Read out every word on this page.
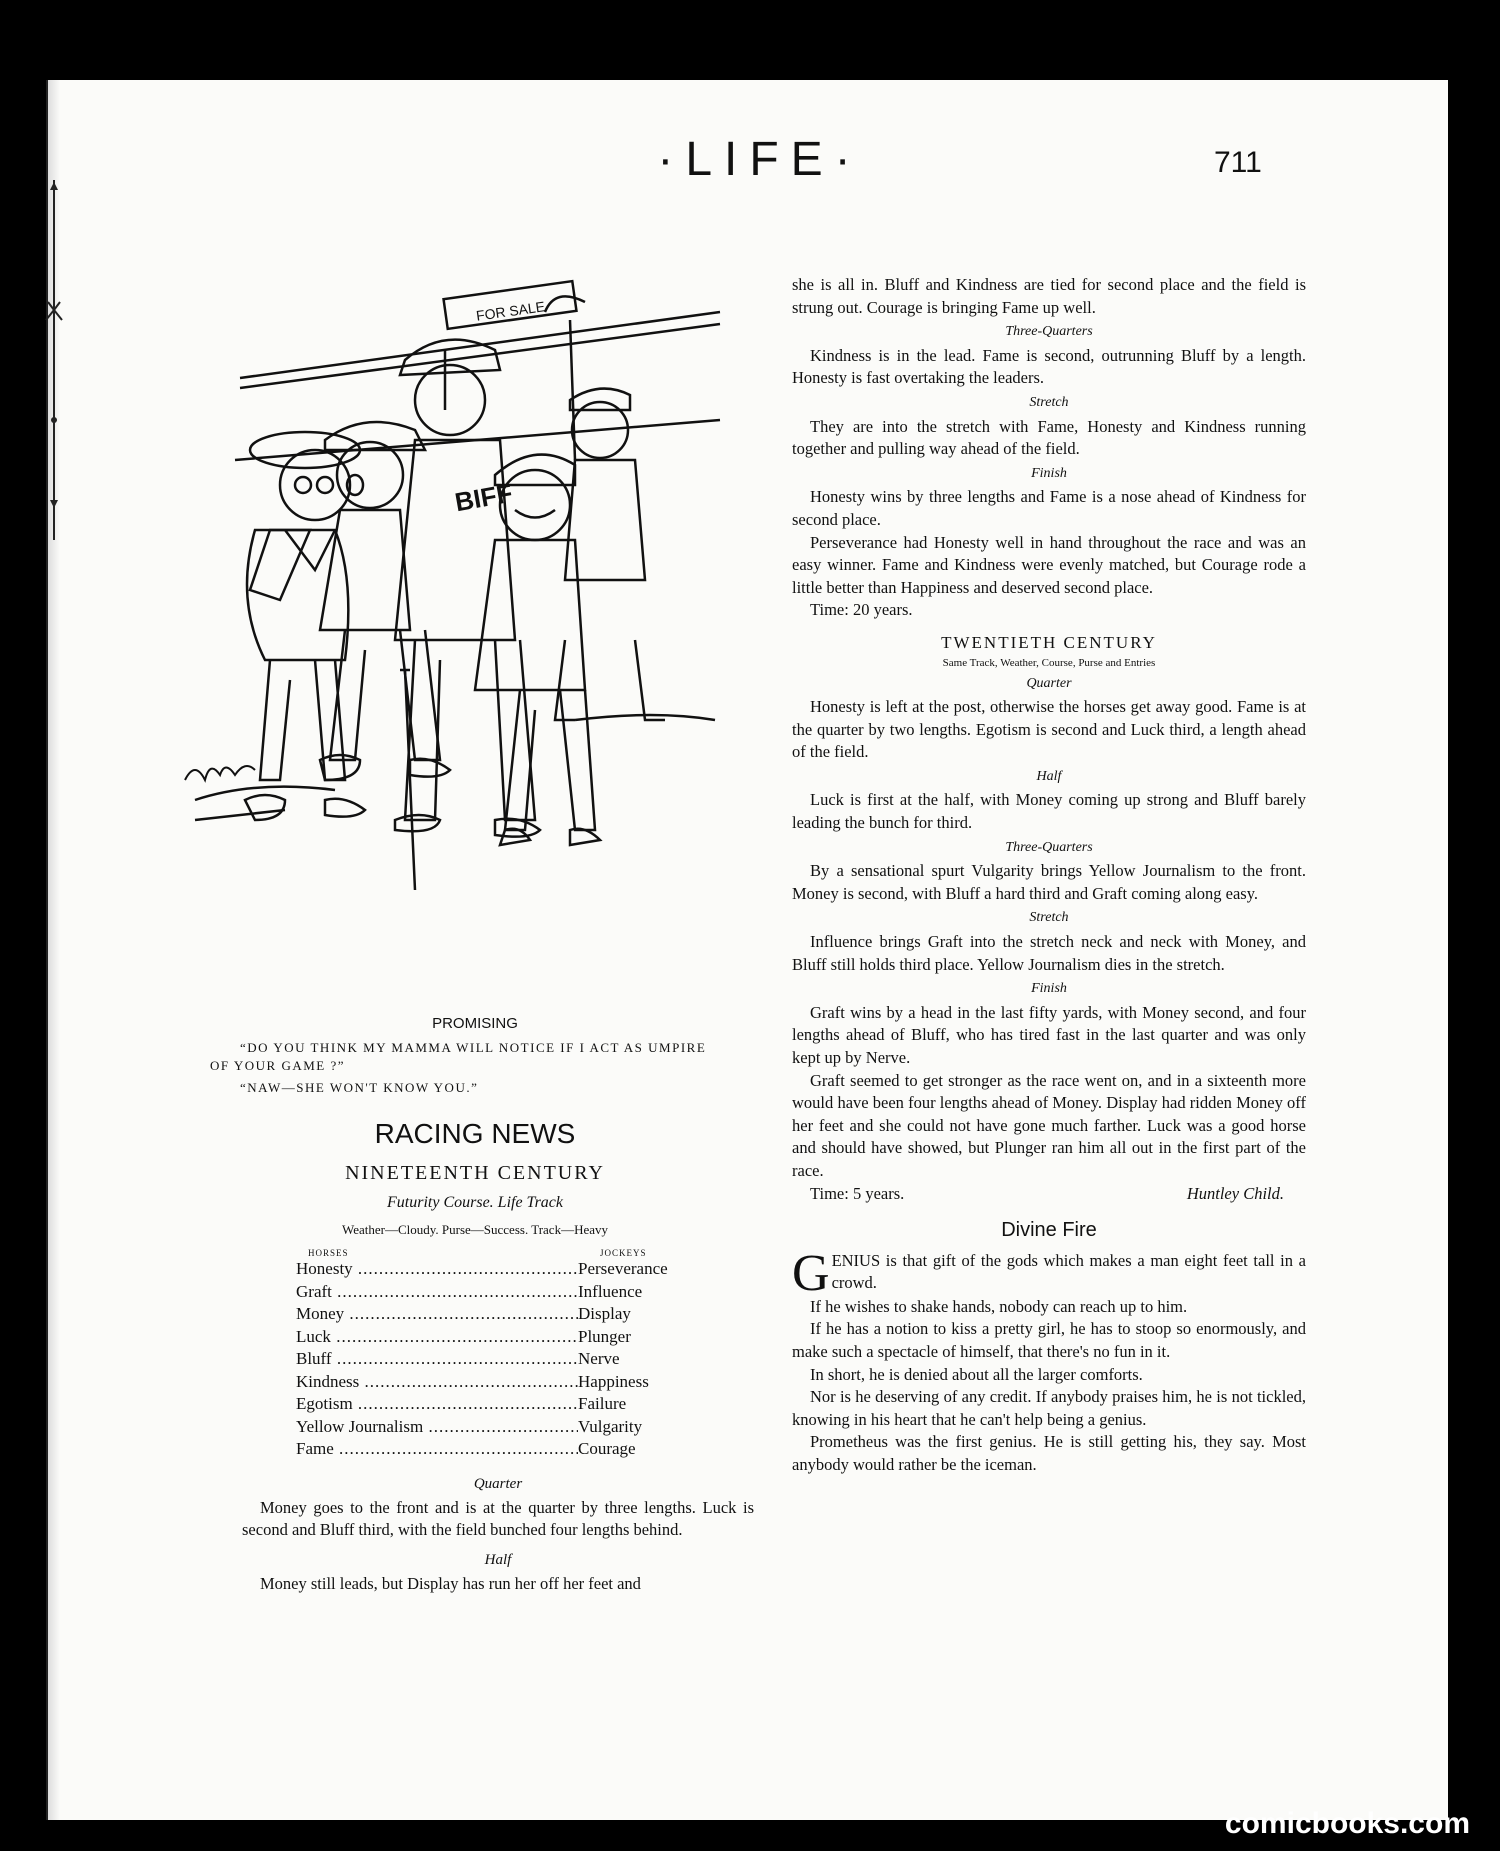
·LIFE·	711
FOR SALE
BIFF
PROMISING
“DO YOU THINK MY MAMMA WILL NOTICE IF I ACT AS UMPIRE
OF YOUR GAME ?”
“NAW—SHE WON'T KNOW YOU.”
RACING NEWS
NINETEENTH CENTURY
Futurity Course. Life Track
Weather—Cloudy. Purse—Success. Track—Heavy
HORSES	JOCKEYS
Honesty .....	Perseverance
Graft .....	Influence
Money .....	Display
Luck .....	Plunger
Bluff .....	Nerve
Kindness .....	Happiness
Egotism .....	Failure
Yellow Journalism .....	Vulgarity
Fame .....	Courage
Quarter

Money goes to the front and is at the quarter by three lengths. Luck is second and Bluff third, with the field bunched four lengths behind.

Half

Money still leads, but Display has run her off her feet and

she is all in. Bluff and Kindness are tied for second place and the field is strung out. Courage is bringing Fame up well.

Three-Quarters

Kindness is in the lead. Fame is second, outrunning Bluff by a length. Honesty is fast overtaking the leaders.

Stretch

They are into the stretch with Fame, Honesty and Kindness running together and pulling way ahead of the field.

Finish

Honesty wins by three lengths and Fame is a nose ahead of Kindness for second place.

Perseverance had Honesty well in hand throughout the race and was an easy winner. Fame and Kindness were evenly matched, but Courage rode a little better than Happiness and deserved second place.

Time: 20 years.

TWENTIETH CENTURY
Same Track, Weather, Course, Purse and Entries
Quarter

Honesty is left at the post, otherwise the horses get away good. Fame is at the quarter by two lengths. Egotism is second and Luck third, a length ahead of the field.

Half

Luck is first at the half, with Money coming up strong and Bluff barely leading the bunch for third.

Three-Quarters

By a sensational spurt Vulgarity brings Yellow Journalism to the front. Money is second, with Bluff a hard third and Graft coming along easy.

Stretch

Influence brings Graft into the stretch neck and neck with Money, and Bluff still holds third place. Yellow Journalism dies in the stretch.

Finish

Graft wins by a head in the last fifty yards, with Money second, and four lengths ahead of Bluff, who has tired fast in the last quarter and was only kept up by Nerve.

Graft seemed to get stronger as the race went on, and in a sixteenth more would have been four lengths ahead of Money. Display had ridden Money off her feet and she could not have gone much farther. Luck was a good horse and should have showed, but Plunger ran him all out in the first part of the race.

Time: 5 years.	Huntley Child.
Divine Fire
G ENIUS is that gift of the gods which makes a man eight feet tall in a crowd.

If he wishes to shake hands, nobody can reach up to him.

If he has a notion to kiss a pretty girl, he has to stoop so enormously, and make such a spectacle of himself, that there's no fun in it.

In short, he is denied about all the larger comforts.

Nor is he deserving of any credit. If anybody praises him, he is not tickled, knowing in his heart that he can't help being a genius.

Prometheus was the first genius. He is still getting his, they say. Most anybody would rather be the iceman.

comicbooks.com
